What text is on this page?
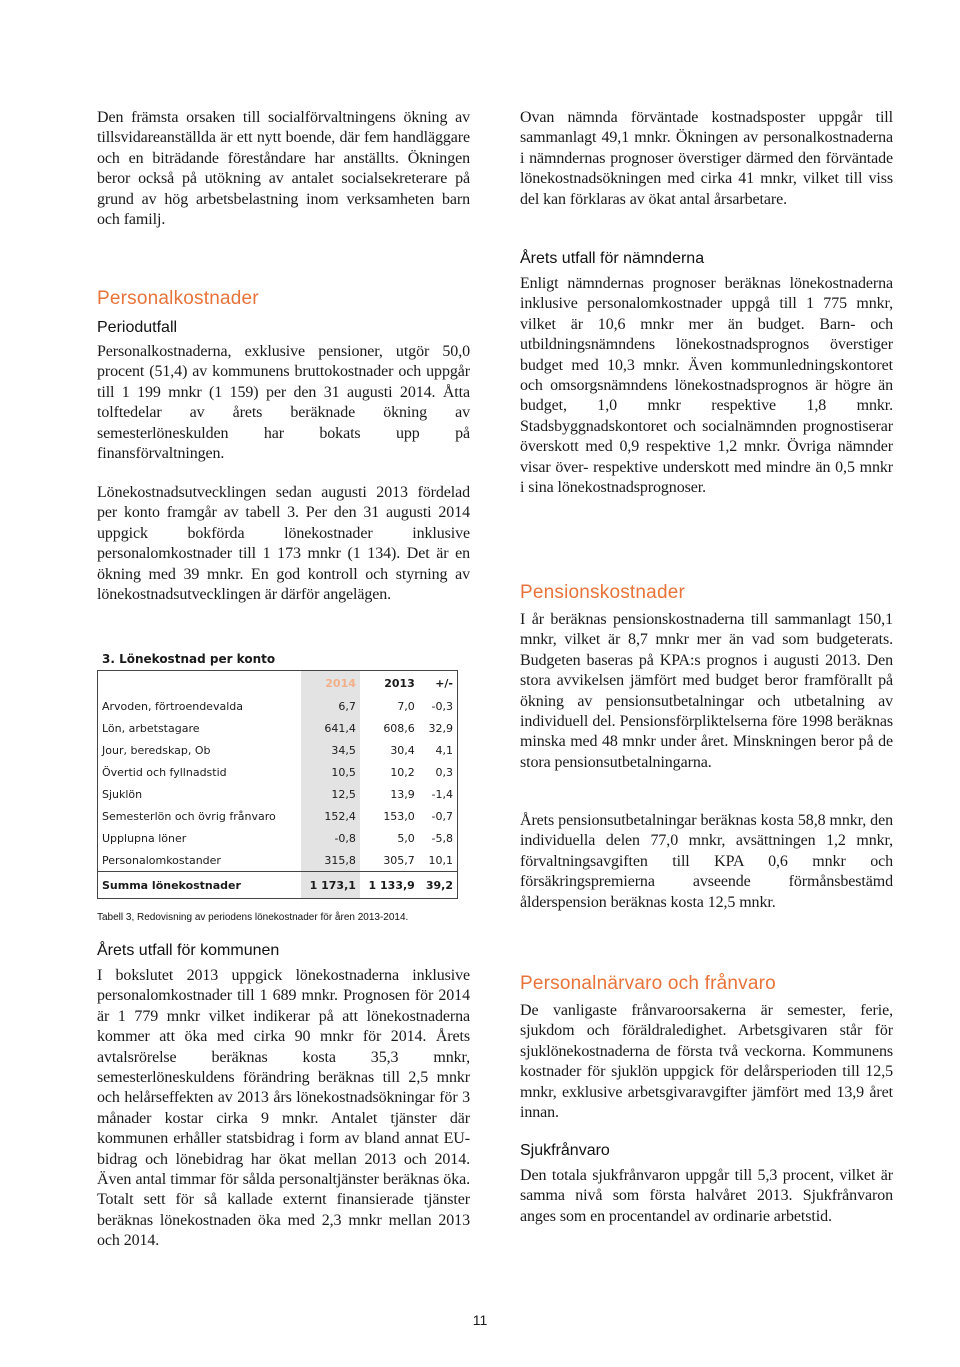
Den främsta orsaken till socialförvaltningens ökning av tillsvidareanställda är ett nytt boende, där fem handläggare och en biträdande föreståndare har anställts. Ökningen beror också på utökning av antalet socialsekreterare på grund av hög arbetsbelastning inom verksamheten barn och familj.

Personalkostnader
Periodutfall

Personalkostnaderna, exklusive pensioner, utgör 50,0 procent (51,4) av kommunens bruttokostnader och uppgår till 1 199 mnkr (1 159) per den 31 augusti 2014. Åtta tolftedelar av årets beräknade ökning av semesterlöneskulden har bokats upp på finansförvaltningen.

Lönekostnadsutvecklingen sedan augusti 2013 fördelad per konto framgår av tabell 3. Per den 31 augusti 2014 uppgick bokförda lönekostnader inklusive personalomkostnader till 1 173 mnkr (1 134). Det är en ökning med 39 mnkr. En god kontroll och styrning av lönekostnadsutvecklingen är därför angelägen.

3. Lönekostnad per konto

	2014	2013	+/-
Arvoden, förtroendevalda	6,7	7,0	-0,3
Lön, arbetstagare	641,4	608,6	32,9
Jour, beredskap, Ob	34,5	30,4	4,1
Övertid och fyllnadstid	10,5	10,2	0,3
Sjuklön	12,5	13,9	-1,4
Semesterlön och övrig frånvaro	152,4	153,0	-0,7
Upplupna löner	-0,8	5,0	-5,8
Personalomkostander	315,8	305,7	10,1
Summa lönekostnader	1 173,1	1 133,9	39,2

Tabell 3, Redovisning av periodens lönekostnader för åren 2013-2014.

Årets utfall för kommunen

I bokslutet 2013 uppgick lönekostnaderna inklusive personalomkostnader till 1 689 mnkr. Prognosen för 2014 är 1 779 mnkr vilket indikerar på att lönekostnaderna kommer att öka med cirka 90 mnkr för 2014. Årets avtalsrörelse beräknas kosta 35,3 mnkr, semesterlöneskuldens förändring beräknas till 2,5 mnkr och helårseffekten av 2013 års lönekostnadsökningar för 3 månader kostar cirka 9 mnkr. Antalet tjänster där kommunen erhåller statsbidrag i form av bland annat EU-bidrag och lönebidrag har ökat mellan 2013 och 2014. Även antal timmar för sålda personaltjänster beräknas öka. Totalt sett för så kallade externt finansierade tjänster beräknas lönekostnaden öka med 2,3 mnkr mellan 2013 och 2014.

Ovan nämnda förväntade kostnadsposter uppgår till sammanlagt 49,1 mnkr. Ökningen av personalkostnaderna i nämndernas prognoser överstiger därmed den förväntade lönekostnadsökningen med cirka 41 mnkr, vilket till viss del kan förklaras av ökat antal årsarbetare.

Årets utfall för nämnderna

Enligt nämndernas prognoser beräknas lönekostnaderna inklusive personalomkostnader uppgå till 1 775 mnkr, vilket är 10,6 mnkr mer än budget. Barn- och utbildningsnämndens lönekostnadsprognos överstiger budget med 10,3 mnkr. Även kommunledningskontoret och omsorgsnämndens lönekostnadsprognos är högre än budget, 1,0 mnkr respektive 1,8 mnkr. Stadsbyggnadskontoret och socialnämnden prognostiserar överskott med 0,9 respektive 1,2 mnkr. Övriga nämnder visar över- respektive underskott med mindre än 0,5 mnkr i sina lönekostnadsprognoser.

Pensionskostnader

I år beräknas pensionskostnaderna till sammanlagt 150,1 mnkr, vilket är 8,7 mnkr mer än vad som budgeterats. Budgeten baseras på KPA:s prognos i augusti 2013. Den stora avvikelsen jämfört med budget beror framförallt på ökning av pensionsutbetalningar och utbetalning av individuell del. Pensionsförpliktelserna före 1998 beräknas minska med 48 mnkr under året. Minskningen beror på de stora pensionsutbetalningarna.

Årets pensionsutbetalningar beräknas kosta 58,8 mnkr, den individuella delen 77,0 mnkr, avsättningen 1,2 mnkr, förvaltningsavgiften till KPA 0,6 mnkr och försäkringspremierna avseende förmånsbestämd ålderspension beräknas kosta 12,5 mnkr.

Personalnärvaro och frånvaro

De vanligaste frånvaroorsakerna är semester, ferie, sjukdom och föräldraledighet. Arbetsgivaren står för sjuklönekostnaderna de första två veckorna. Kommunens kostnader för sjuklön uppgick för delårsperioden till 12,5 mnkr, exklusive arbetsgivaravgifter jämfört med 13,9 året innan.

Sjukfrånvaro

Den totala sjukfrånvaron uppgår till 5,3 procent, vilket är samma nivå som första halvåret 2013. Sjukfrånvaron anges som en procentandel av ordinarie arbetstid.

11
